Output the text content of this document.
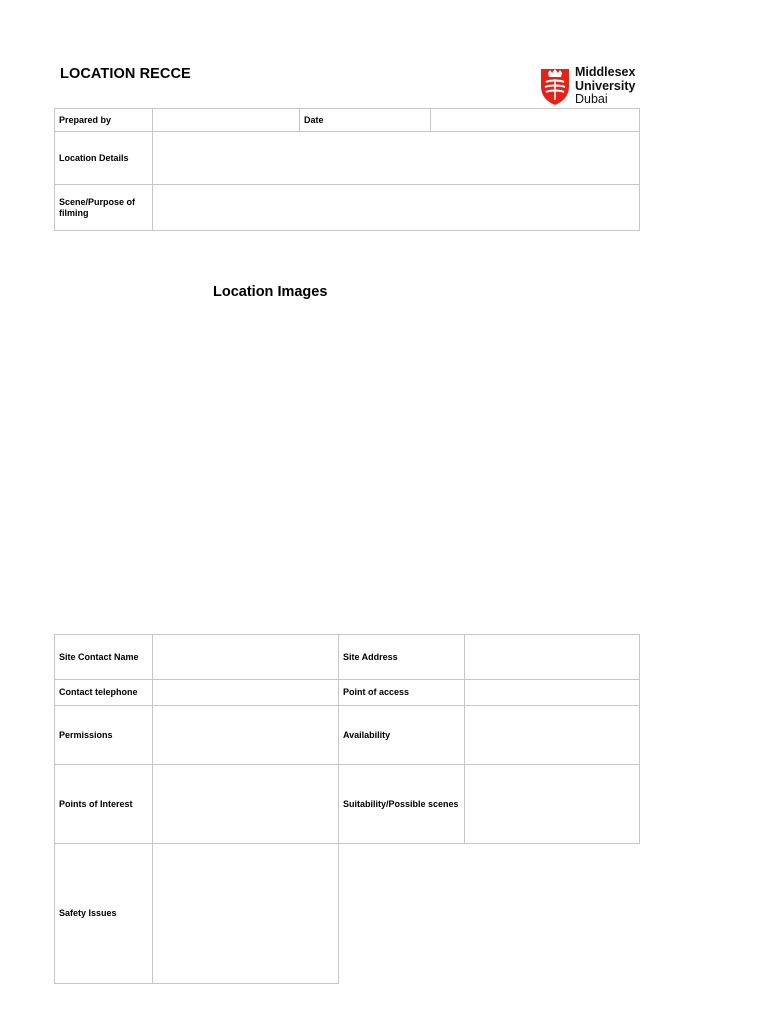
LOCATION RECCE	Middlesex
University
Dubai
Prepared by		Date	
Location Details			
Scene/Purpose of filming			
Location Images
Site Contact Name		Site Address	
Contact telephone		Point of access	
Permissions		Availability	
Points of Interest		Suitability/Possible scenes	
Safety Issues			
